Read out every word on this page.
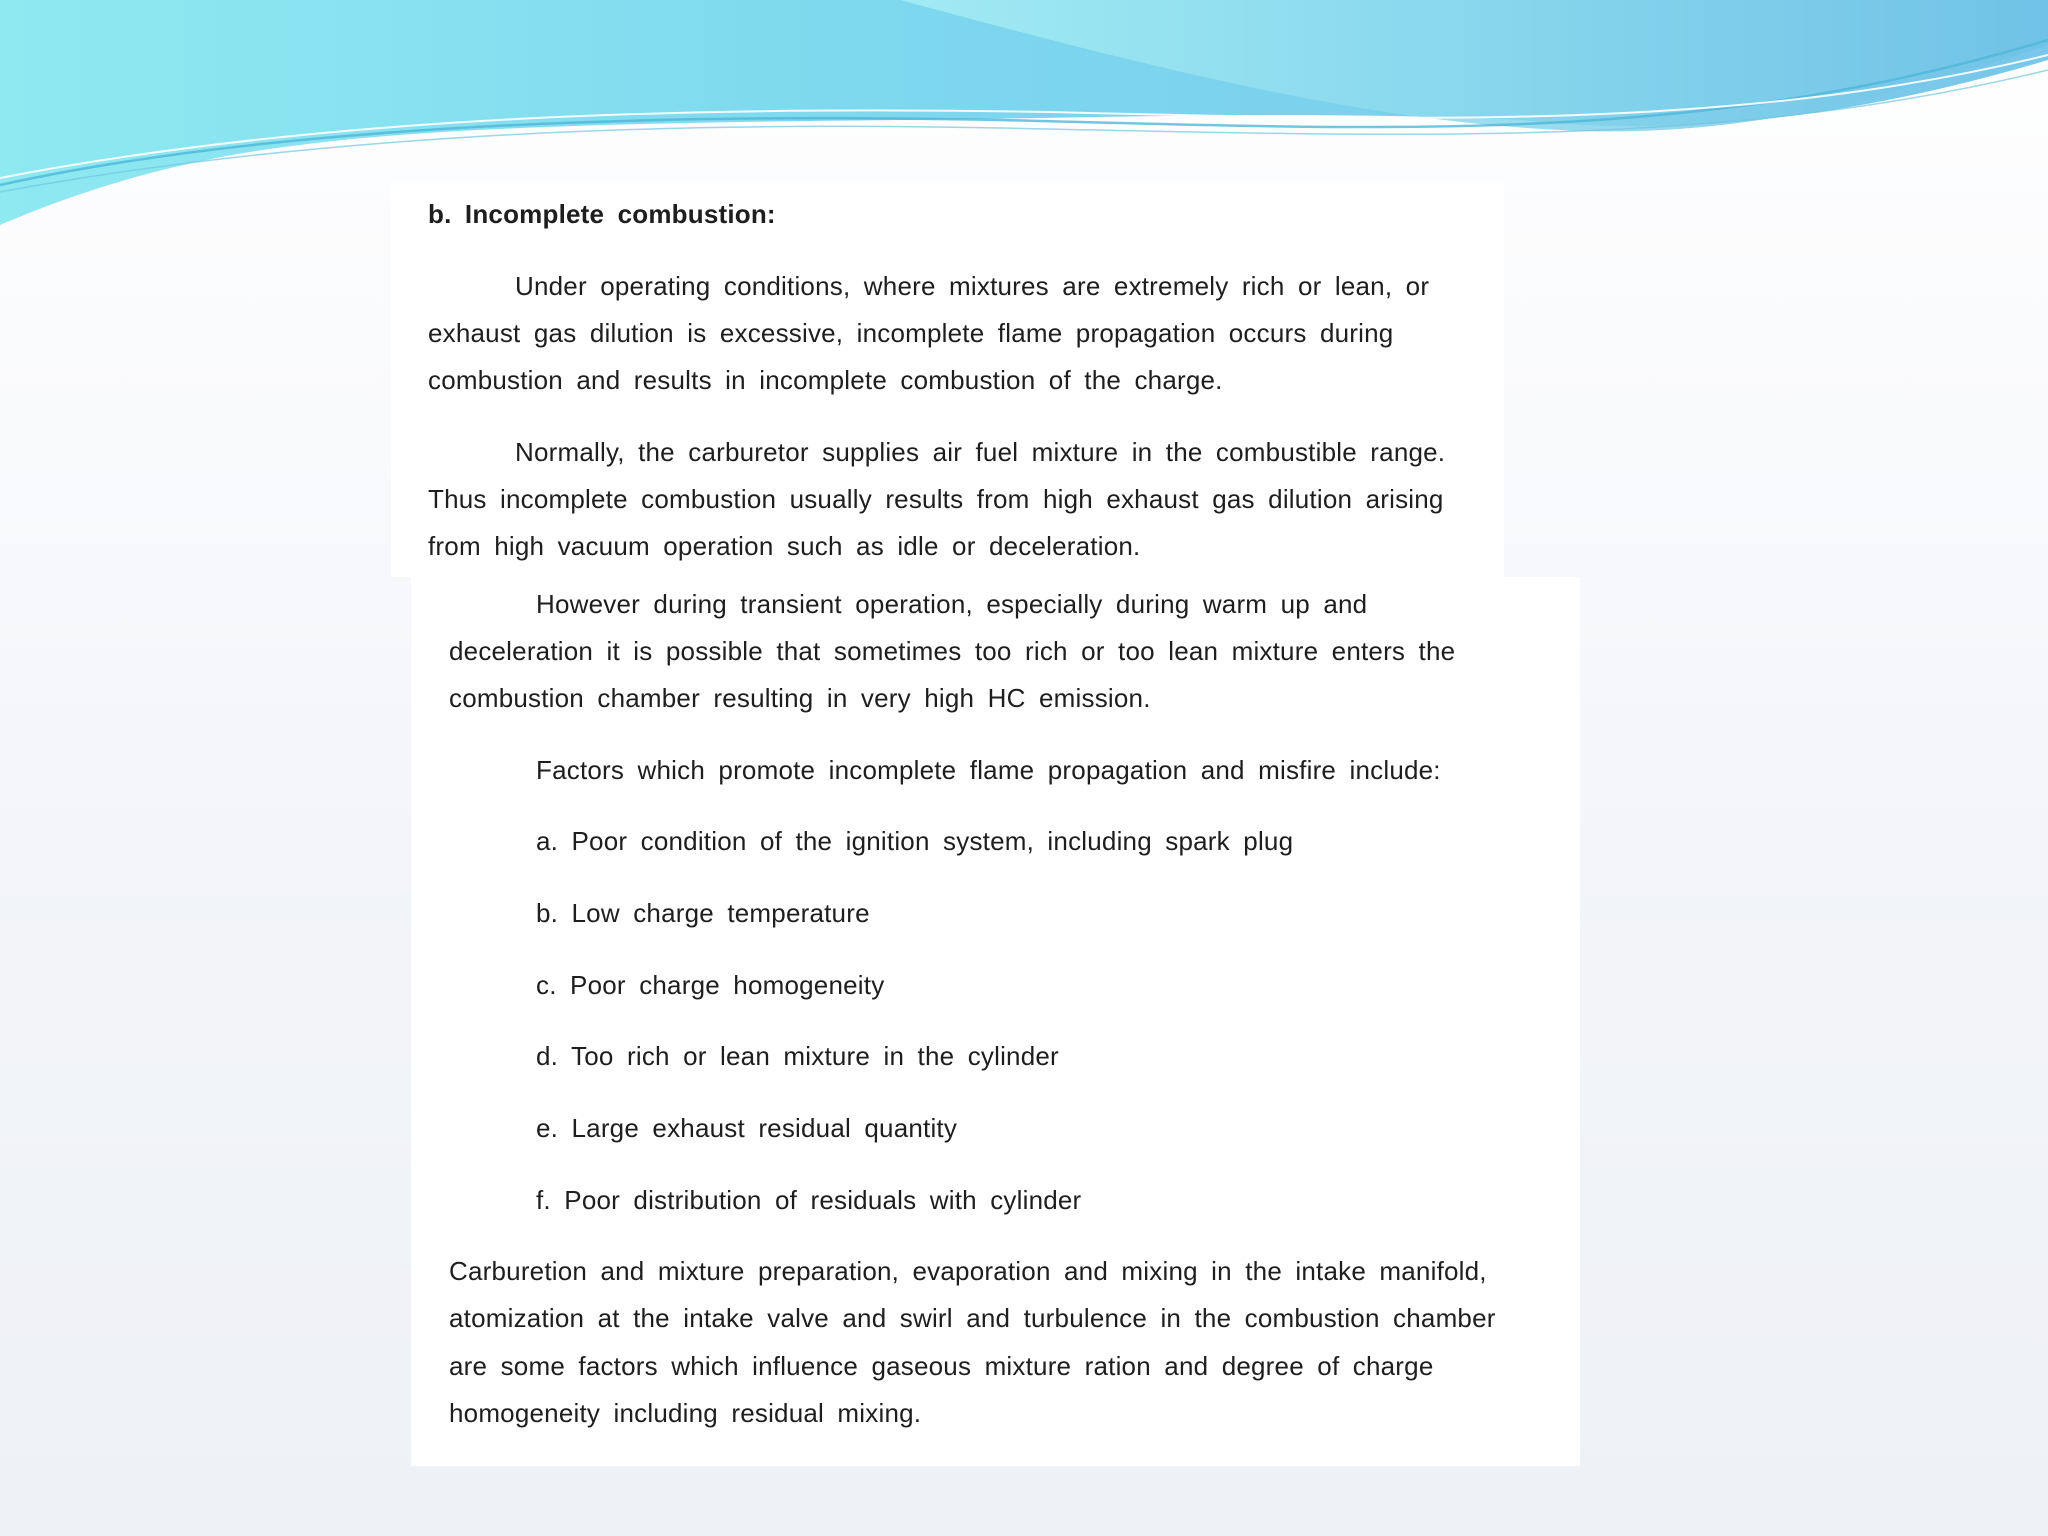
b. Incomplete combustion:
Under operating conditions, where mixtures are extremely rich or lean, or
exhaust gas dilution is excessive, incomplete flame propagation occurs during
combustion and results in incomplete combustion of the charge.
Normally, the carburetor supplies air fuel mixture in the combustible range.
Thus incomplete combustion usually results from high exhaust gas dilution arising
from high vacuum operation such as idle or deceleration.
However during transient operation, especially during warm up and
deceleration it is possible that sometimes too rich or too lean mixture enters the
combustion chamber resulting in very high HC emission.
Factors which promote incomplete flame propagation and misfire include:
a. Poor condition of the ignition system, including spark plug
b. Low charge temperature
c. Poor charge homogeneity
d. Too rich or lean mixture in the cylinder
e. Large exhaust residual quantity
f. Poor distribution of residuals with cylinder
Carburetion and mixture preparation, evaporation and mixing in the intake manifold,
atomization at the intake valve and swirl and turbulence in the combustion chamber
are some factors which influence gaseous mixture ration and degree of charge
homogeneity including residual mixing.
